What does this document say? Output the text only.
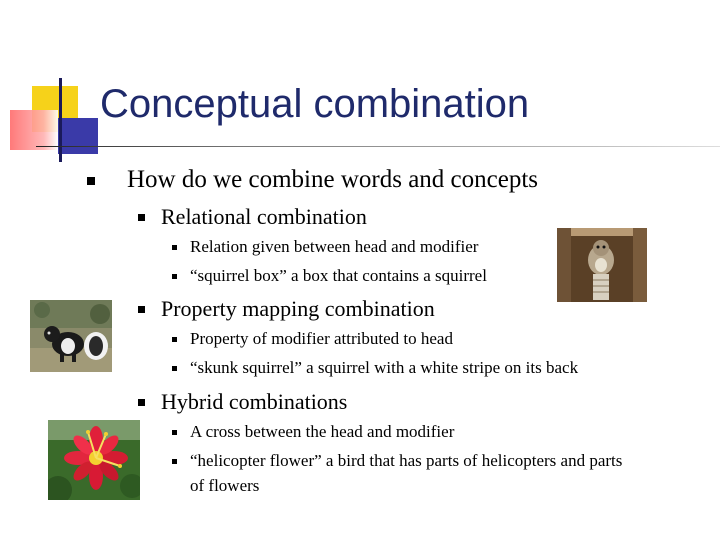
Conceptual combination
How do we combine words and concepts
Relational combination
Relation given between head and modifier
“squirrel box” a box that contains a squirrel
Property mapping combination
Property of modifier attributed to head
“skunk squirrel” a squirrel with a white stripe on its back
Hybrid combinations
A cross between the head and modifier
“helicopter flower” a bird that has parts of helicopters and parts
of flowers
